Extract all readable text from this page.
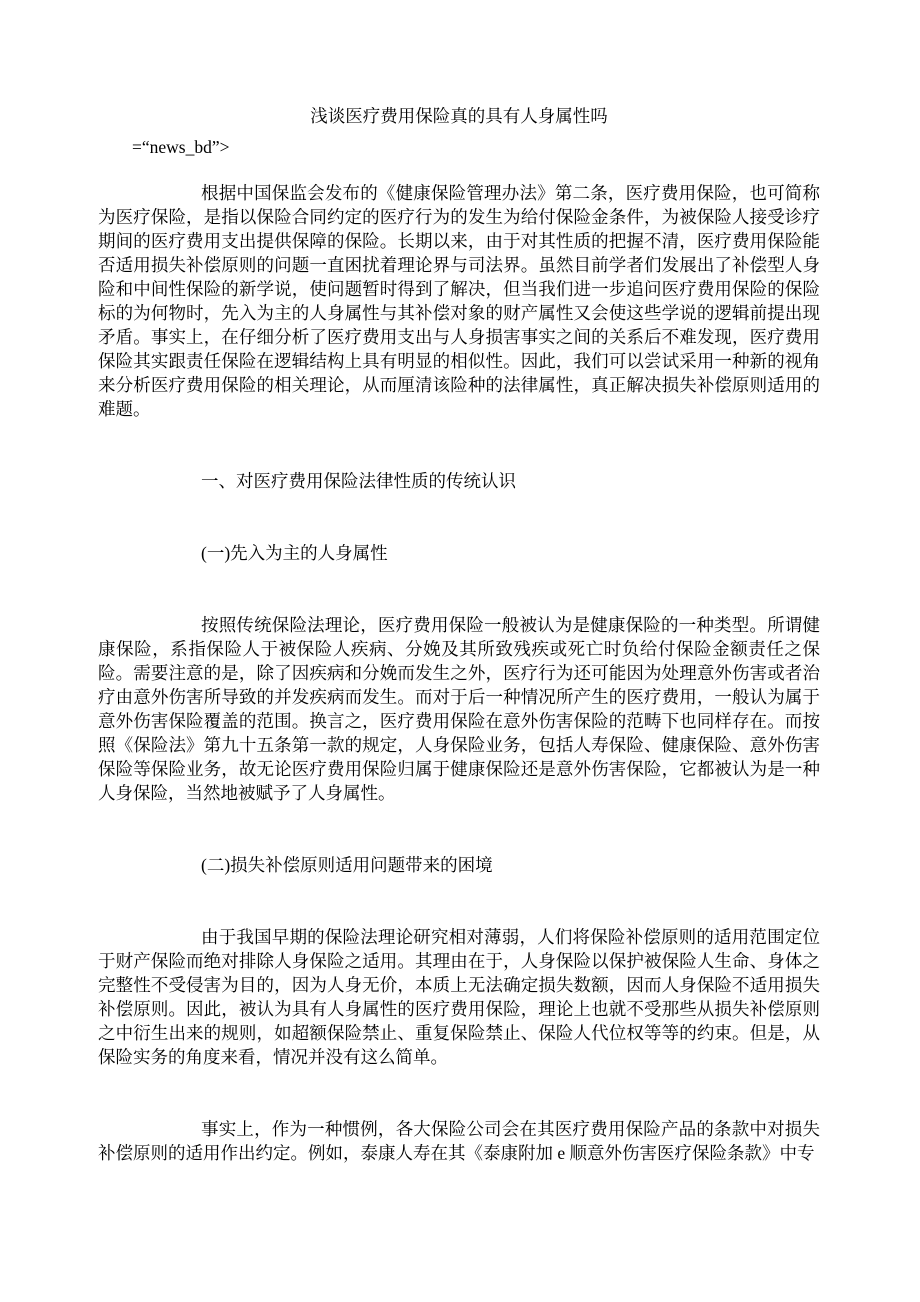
浅谈医疗费用保险真的具有人身属性吗
=“news_bd”>
根据中国保监会发布的《健康保险管理办法》第二条，医疗费用保险，也可简称为医疗保险，是指以保险合同约定的医疗行为的发生为给付保险金条件，为被保险人接受诊疗期间的医疗费用支出提供保障的保险。长期以来，由于对其性质的把握不清，医疗费用保险能否适用损失补偿原则的问题一直困扰着理论界与司法界。虽然目前学者们发展出了补偿型人身险和中间性保险的新学说，使问题暂时得到了解决，但当我们进一步追问医疗费用保险的保险标的为何物时，先入为主的人身属性与其补偿对象的财产属性又会使这些学说的逻辑前提出现矛盾。事实上，在仔细分析了医疗费用支出与人身损害事实之间的关系后不难发现，医疗费用保险其实跟责任保险在逻辑结构上具有明显的相似性。因此，我们可以尝试采用一种新的视角来分析医疗费用保险的相关理论，从而厘清该险种的法律属性，真正解决损失补偿原则适用的难题。
一、对医疗费用保险法律性质的传统认识
(一)先入为主的人身属性
按照传统保险法理论，医疗费用保险一般被认为是健康保险的一种类型。所谓健康保险，系指保险人于被保险人疾病、分娩及其所致残疾或死亡时负给付保险金额责任之保险。需要注意的是，除了因疾病和分娩而发生之外，医疗行为还可能因为处理意外伤害或者治疗由意外伤害所导致的并发疾病而发生。而对于后一种情况所产生的医疗费用，一般认为属于意外伤害保险覆盖的范围。换言之，医疗费用保险在意外伤害保险的范畴下也同样存在。而按照《保险法》第九十五条第一款的规定，人身保险业务，包括人寿保险、健康保险、意外伤害保险等保险业务，故无论医疗费用保险归属于健康保险还是意外伤害保险，它都被认为是一种人身保险，当然地被赋予了人身属性。
(二)损失补偿原则适用问题带来的困境
由于我国早期的保险法理论研究相对薄弱，人们将保险补偿原则的适用范围定位于财产保险而绝对排除人身保险之适用。其理由在于，人身保险以保护被保险人生命、身体之完整性不受侵害为目的，因为人身无价，本质上无法确定损失数额，因而人身保险不适用损失补偿原则。因此，被认为具有人身属性的医疗费用保险，理论上也就不受那些从损失补偿原则之中衍生出来的规则，如超额保险禁止、重复保险禁止、保险人代位权等等的约束。但是，从保险实务的角度来看，情况并没有这么简单。
事实上，作为一种惯例，各大保险公司会在其医疗费用保险产品的条款中对损失补偿原则的适用作出约定。例如，泰康人寿在其《泰康附加 e 顺意外伤害医疗保险条款》中专
